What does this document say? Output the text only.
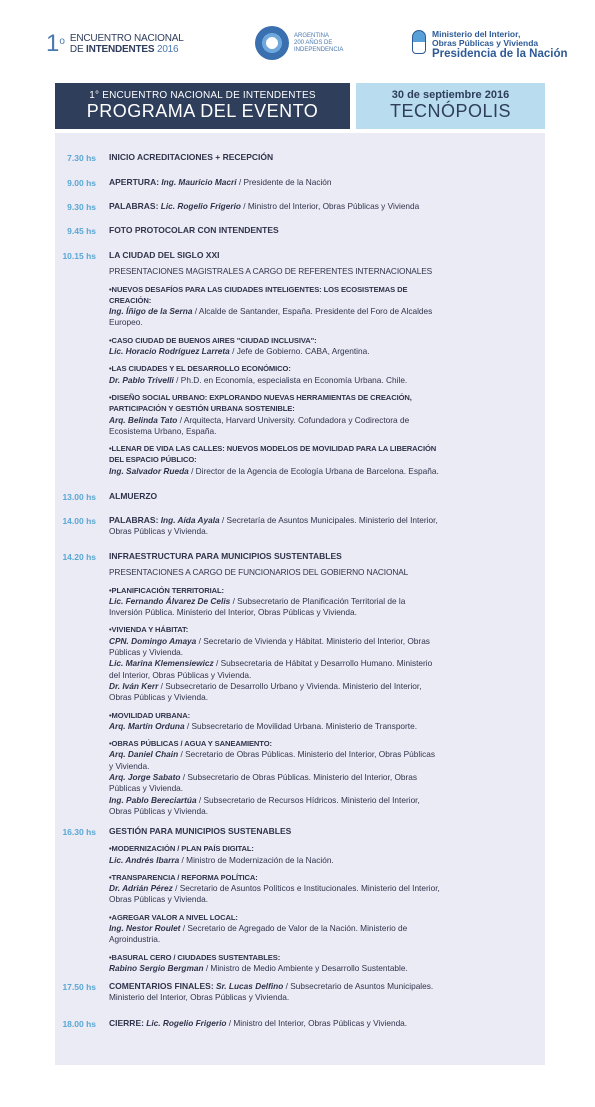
1$^o$ ENCUENTRO NACIONAL
DE INTENDENTES 2016
ARGENTINA
200 AÑOS DE
INDEPENDENCIA
Ministerio del Interior,
Obras Públicas y Vivienda
Presidencia de la Nación
1° ENCUENTRO NACIONAL DE INTENDENTES
PROGRAMA DEL EVENTO
30 de septiembre 2016
TECNÓPOLIS
7.30 hs INICIO ACREDITACIONES + RECEPCIÓN
9.00 hs APERTURA: Ing. Mauricio Macri / Presidente de la Nación
9.30 hs PALABRAS: Lic. Rogelio Frigerio / Ministro del Interior, Obras Públicas y Vivienda
9.45 hs FOTO PROTOCOLAR CON INTENDENTES
10.15 hs LA CIUDAD DEL SIGLO XXI
PRESENTACIONES MAGISTRALES A CARGO DE REFERENTES INTERNACIONALES
•NUEVOS DESAFÍOS PARA LAS CIUDADES INTELIGENTES: LOS ECOSISTEMAS DE CREACIÓN:
Ing. Íñigo de la Serna / Alcalde de Santander, España. Presidente del Foro de Alcaldes Europeo.
•CASO CIUDAD DE BUENOS AIRES "CIUDAD INCLUSIVA":
Lic. Horacio Rodríguez Larreta / Jefe de Gobierno. CABA, Argentina.
•LAS CIUDADES Y EL DESARROLLO ECONÓMICO:
Dr. Pablo Trivelli / Ph.D. en Economía, especialista en Economía Urbana. Chile.
•DISEÑO SOCIAL URBANO: EXPLORANDO NUEVAS HERRAMIENTAS DE CREACIÓN, PARTICIPACIÓN Y GESTIÓN URBANA SOSTENIBLE:
Arq. Belinda Tato / Arquitecta, Harvard University. Cofundadora y Codirectora de Ecosistema Urbano, España.
•LLENAR DE VIDA LAS CALLES: NUEVOS MODELOS DE MOVILIDAD PARA LA LIBERACIÓN DEL ESPACIO PÚBLICO:
Ing. Salvador Rueda / Director de la Agencia de Ecología Urbana de Barcelona. España.
13.00 hs ALMUERZO
14.00 hs PALABRAS: Ing. Aída Ayala / Secretaría de Asuntos Municipales. Ministerio del Interior, Obras Públicas y Vivienda.
14.20 hs INFRAESTRUCTURA PARA MUNICIPIOS SUSTENTABLES
PRESENTACIONES A CARGO DE FUNCIONARIOS DEL GOBIERNO NACIONAL
•PLANIFICACIÓN TERRITORIAL:
Lic. Fernando Álvarez De Celis / Subsecretario de Planificación Territorial de la Inversión Pública. Ministerio del Interior, Obras Públicas y Vivienda.
•VIVIENDA Y HÁBITAT:
CPN. Domingo Amaya / Secretario de Vivienda y Hábitat. Ministerio del Interior, Obras Públicas y Vivienda.
Lic. Marina Klemensiewicz / Subsecretaria de Hábitat y Desarrollo Humano. Ministerio del Interior, Obras Públicas y Vivienda.
Dr. Iván Kerr / Subsecretario de Desarrollo Urbano y Vivienda. Ministerio del Interior, Obras Públicas y Vivienda.
•MOVILIDAD URBANA:
Arq. Martín Orduna / Subsecretario de Movilidad Urbana. Ministerio de Transporte.
•OBRAS PÚBLICAS / AGUA Y SANEAMIENTO:
Arq. Daniel Chain / Secretario de Obras Públicas. Ministerio del Interior, Obras Públicas y Vivienda.
Arq. Jorge Sabato / Subsecretario de Obras Públicas. Ministerio del Interior, Obras Públicas y Vivienda.
Ing. Pablo Bereciartúa / Subsecretario de Recursos Hídricos. Ministerio del Interior, Obras Públicas y Vivienda.
16.30 hs GESTIÓN PARA MUNICIPIOS SUSTENABLES
•MODERNIZACIÓN / PLAN PAÍS DIGITAL:
Lic. Andrés Ibarra / Ministro de Modernización de la Nación.
•TRANSPARENCIA / REFORMA POLÍTICA:
Dr. Adrián Pérez / Secretario de Asuntos Políticos e Institucionales. Ministerio del Interior, Obras Públicas y Vivienda.
•AGREGAR VALOR A NIVEL LOCAL:
Ing. Nestor Roulet / Secretario de Agregado de Valor de la Nación. Ministerio de Agroindustria.
•BASURAL CERO / CIUDADES SUSTENTABLES:
Rabino Sergio Bergman / Ministro de Medio Ambiente y Desarrollo Sustentable.
17.50 hs COMENTARIOS FINALES: Sr. Lucas Delfino / Subsecretario de Asuntos Municipales. Ministerio del Interior, Obras Públicas y Vivienda.
18.00 hs CIERRE: Lic. Rogelio Frigerio / Ministro del Interior, Obras Públicas y Vivienda.
